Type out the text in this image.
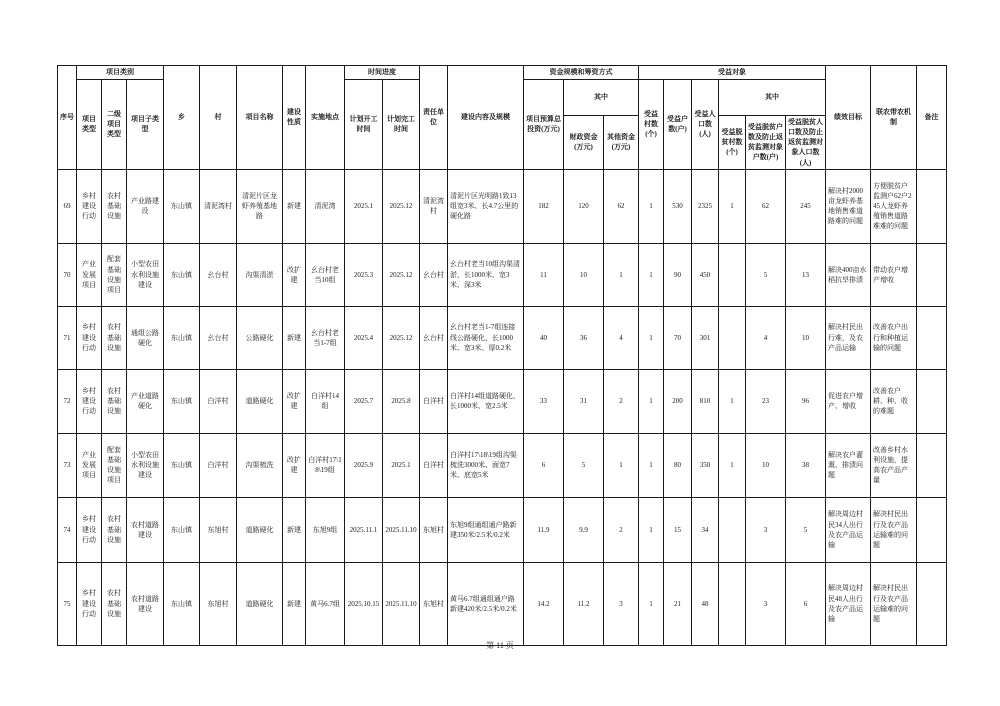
序号	项目类别			乡	村	项目名称	建设性质	实施地点	时间进度		责任单位	建设内容及规模	资金规模和筹资方式			受益对象						绩效目标	联农带农机制	备注
	项目类型	二级项目类型	项目子类型						计划开工时间	计划完工时间			项目预算总投资(万元)	其中		受益村数(个)	受益户数(户)	受益人口数(人)	其中					
														财政资金(万元)	其他资金(万元)				受益脱贫村数(个)	受益脱贫户数及防止返贫监测对象户数(户)	受益脱贫人口数及防止返贫监测对象人口数(人)			
69	乡村建设行动	农村基础设施	产业路建设	东山镇	清泥湾村	清泥片区龙虾养殖基地路	新建	清泥湾	2025.1	2025.12	清泥湾村	清泥片区光明路1致13组宽3米、长4.7公里的硬化路	182	120	62	1	530	2325	1	62	245	解决村2000亩龙虾养基地销售难道路难的问题	方便脱贫户监测户62户245人龙虾养殖销售道路难难的问题	
70	产业发展项目	配套基础设施项目	小型农田水利设施建设	东山镇	幺台村	沟渠清淤	改扩建	幺台村老当10组	2025.3	2025.12	幺台村	幺台村老当10组沟渠清淤，长1000米、宽3米、深3米	11	10	1	1	90	450		5	13	解决400亩水稻抗旱排渍	带动农户增产增收	
71	乡村建设行动	农村基础设施	通组公路硬化	东山镇	幺台村	公路硬化	新建	幺台村老当1-7组	2025.4	2025.12	幺台村	幺台村老当1-7组连接线公路硬化，长1000米、宽3米、厚0.2米	40	36	4	1	70	301		4	10	解决村民出行难，及农产品运输	改善农户出行和种植运输的问题	
72	乡村建设行动	农村基础设施	产业道路硬化	东山镇	白洋村	道路硬化	改扩建	白洋村14组	2025.7	2025.8	白洋村	白洋村14组道路硬化，长1000米、宽2.5米	33	31	2	1	200	810	1	23	96	促进农户增产、增收	改善农户耕、种、收的难题	
73	产业发展项目	配套基础设施项目	小型农田水利设施建设	东山镇	白洋村	沟渠梳洗	改扩建	白洋村17\18\19组	2025.9	2025.1	白洋村	白洋村17\18\19组沟渠梳洗3000米、面宽7米、底宽5米	6	5	1	1	80	350	1	10	38	解决农户灌溉、排渍问题	改善乡村水利设施，提高农产品产量	
74	乡村建设行动	农村基础设施	农村道路建设	东山镇	东旭村	道路硬化	新建	东旭9组	2025.11.1	2025.11.10	东旭村	东旭9组通组通户路新建350米/2.5米/0.2米	11.9	9.9	2	1	15	34		3	5	解决周边村民34人出行及农产品运输	解决村民出行及农产品运输难的问题	
75	乡村建设行动	农村基础设施	农村道路建设	东山镇	东旭村	道路硬化	新建	黄马6.7组	2025.10.15	2025.11.10	东旭村	黄马6.7组通组通户路新建420米/2.5米/0.2米	14.2	11.2	3	1	21	48		3	6	解决周边村民48人出行及农产品运输	解决村民出行及农产品运输难的问题	
第 11 页
